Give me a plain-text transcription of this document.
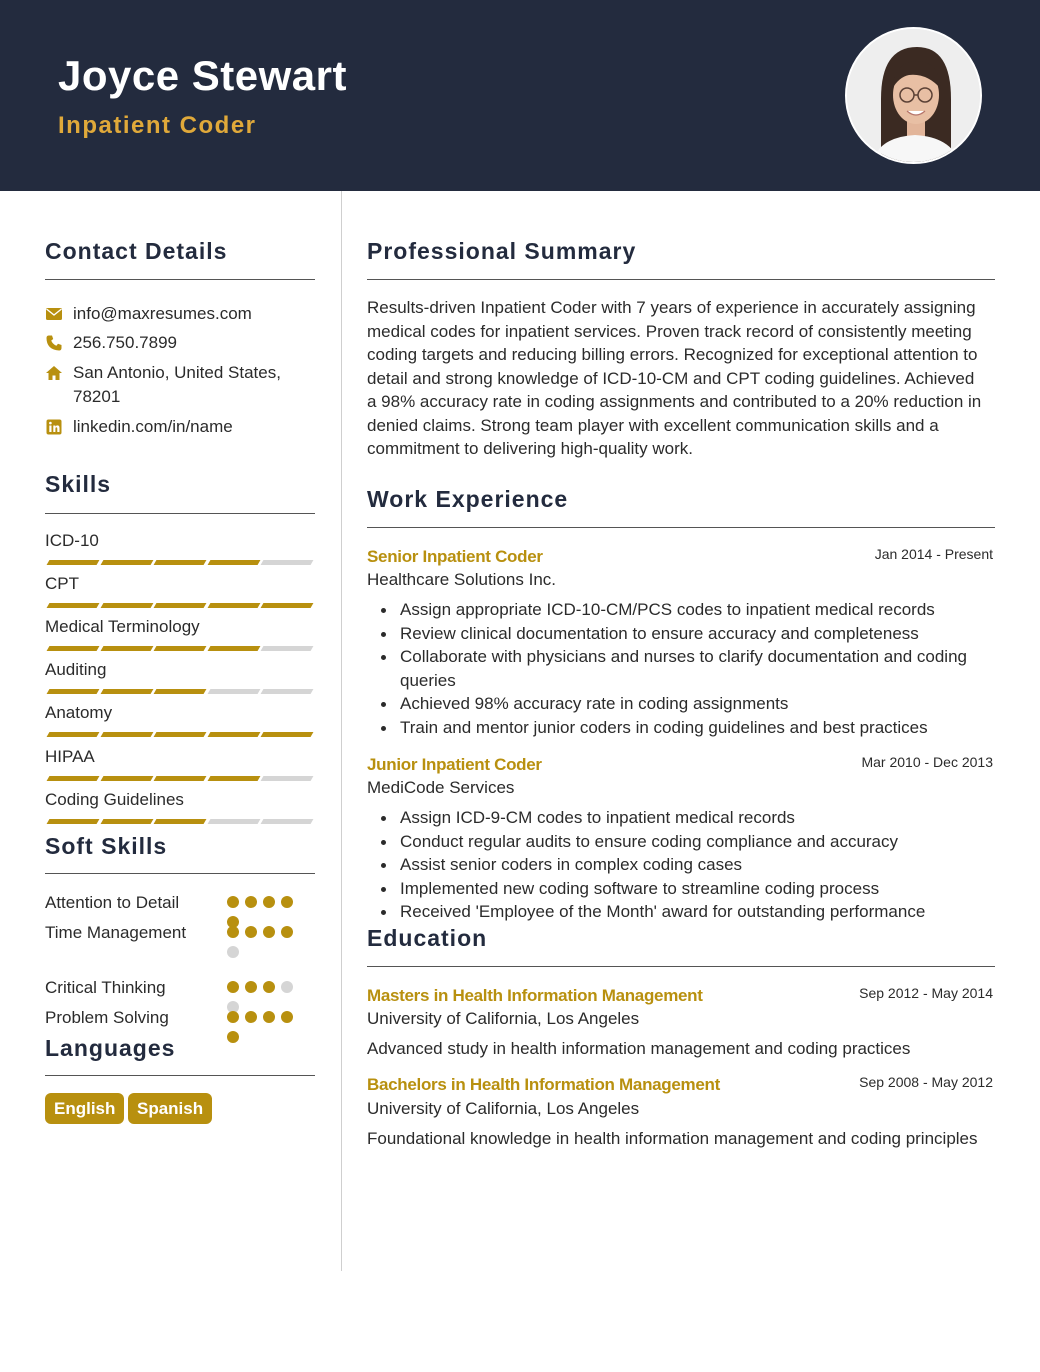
Joyce Stewart
Inpatient Coder
Contact Details
info@maxresumes.com
256.750.7899
San Antonio, United States, 78201
linkedin.com/in/name
Skills
ICD-10
CPT
Medical Terminology
Auditing
Anatomy
HIPAA
Coding Guidelines
Soft Skills
Attention to Detail
Time Management
Critical Thinking
Problem Solving
Languages
English	Spanish
Professional Summary
Results-driven Inpatient Coder with 7 years of experience in accurately assigning medical codes for inpatient services. Proven track record of consistently meeting coding targets and reducing billing errors. Recognized for exceptional attention to detail and strong knowledge of ICD-10-CM and CPT coding guidelines. Achieved a 98% accuracy rate in coding assignments and contributed to a 20% reduction in denied claims. Strong team player with excellent communication skills and a commitment to delivering high-quality work.
Work Experience
Senior Inpatient Coder	Jan 2014 - Present
Healthcare Solutions Inc.
Assign appropriate ICD-10-CM/PCS codes to inpatient medical records
Review clinical documentation to ensure accuracy and completeness
Collaborate with physicians and nurses to clarify documentation and coding queries
Achieved 98% accuracy rate in coding assignments
Train and mentor junior coders in coding guidelines and best practices
Junior Inpatient Coder	Mar 2010 - Dec 2013
MediCode Services
Assign ICD-9-CM codes to inpatient medical records
Conduct regular audits to ensure coding compliance and accuracy
Assist senior coders in complex coding cases
Implemented new coding software to streamline coding process
Received 'Employee of the Month' award for outstanding performance
Education
Masters in Health Information Management	Sep 2012 - May 2014
University of California, Los Angeles
Advanced study in health information management and coding practices
Bachelors in Health Information Management	Sep 2008 - May 2012
University of California, Los Angeles
Foundational knowledge in health information management and coding principles
